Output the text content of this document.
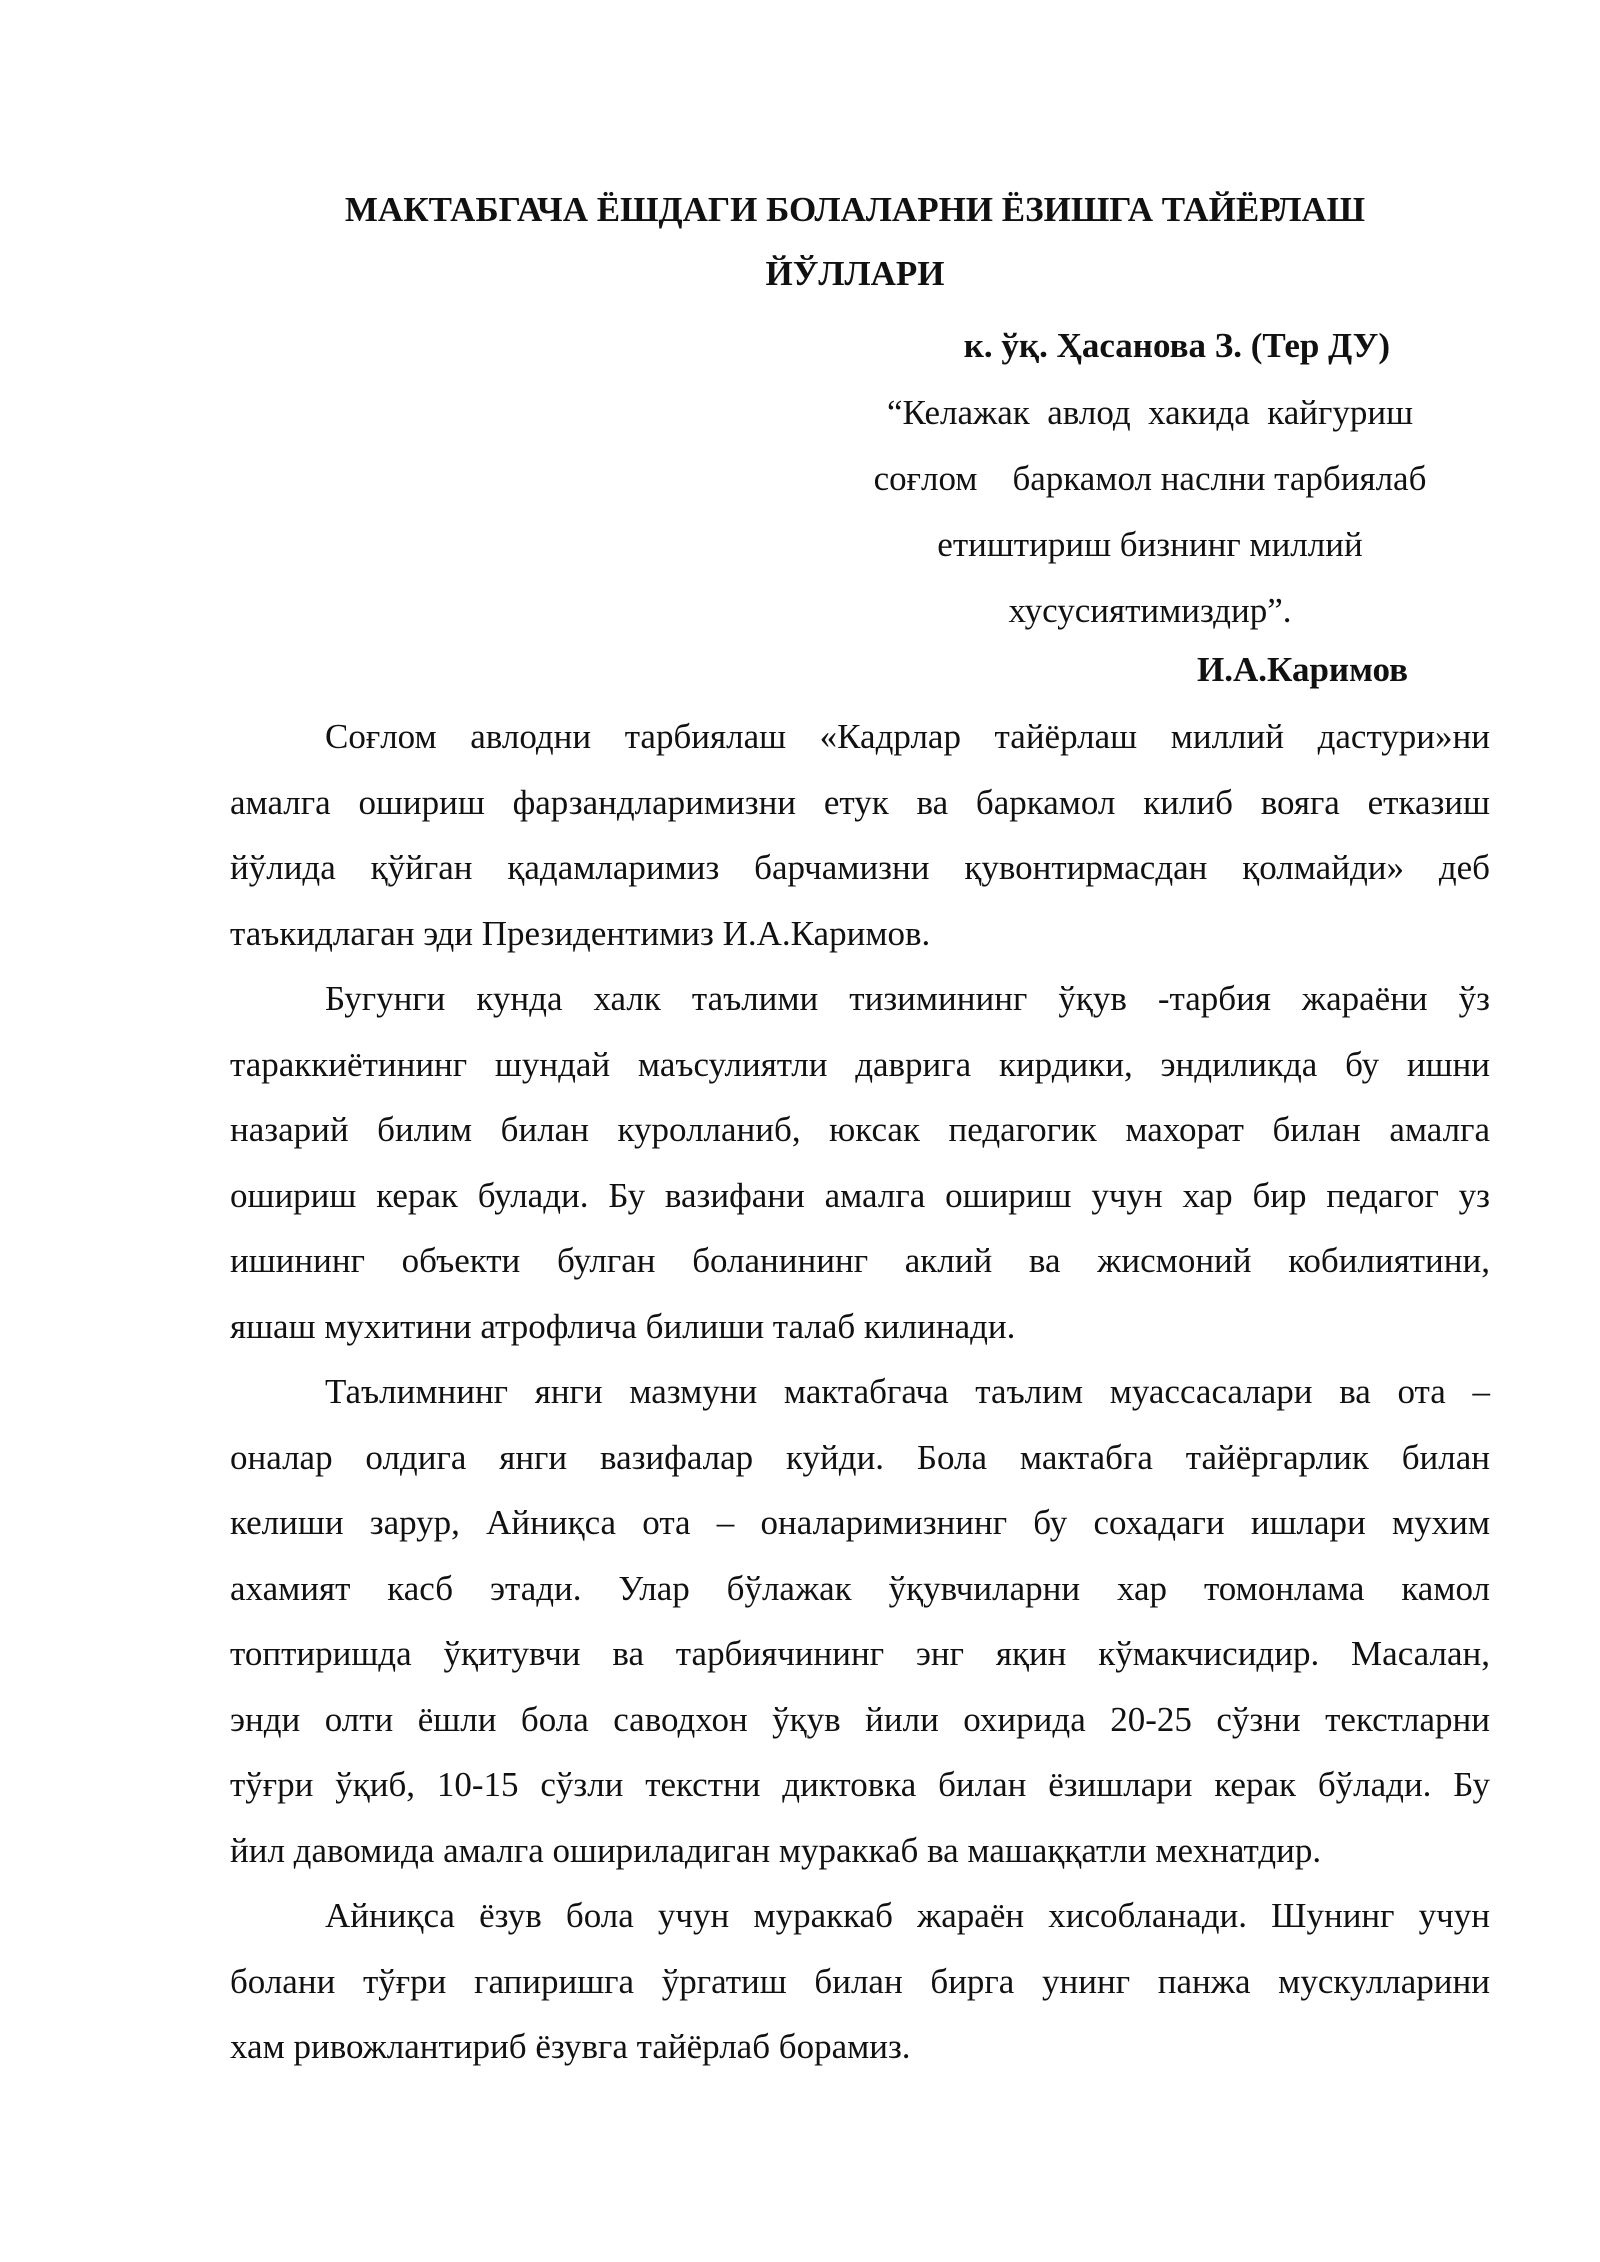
МАКТАБГАЧА ЁШДАГИ БОЛАЛАРНИ ЁЗИШГА ТАЙЁРЛАШ
ЙЎЛЛАРИ

к. ўқ. Ҳасанова З. (Тер ДУ)

“Келажак  авлод  хакида  кайгуриш
соғлом    баркамол наслни тарбиялаб
етиштириш бизнинг миллий
хусусиятимиздир”.

И.А.Каримов

Соғлом авлодни тарбиялаш «Кадрлар тайёрлаш миллий дастури»ни
амалга ошириш фарзандларимизни етук ва баркамол килиб вояга етказиш
йўлида қўйган қадамларимиз барчамизни қувонтирмасдан қолмайди» деб
таъкидлаган эди Президентимиз И.А.Каримов.

Бугунги кунда халк таълими тизимининг ўқув -тарбия жараёни ўз
тараккиётининг шундай маъсулиятли даврига кирдики, эндиликда бу ишни
назарий билим билан куролланиб, юксак педагогик махорат билан амалга
ошириш керак булади. Бу вазифани амалга ошириш учун хар бир педагог уз
ишининг объекти булган боланининг аклий ва жисмоний кобилиятини,
яшаш мухитини атрофлича билиши талаб килинади.

Таълимнинг янги мазмуни мактабгача таълим муассасалари ва ота –
оналар олдига янги вазифалар куйди. Бола мактабга тайёргарлик билан
келиши зарур, Айниқса ота – оналаримизнинг бу сохадаги ишлари мухим
ахамият касб этади. Улар бўлажак ўқувчиларни хар томонлама камол
топтиришда ўқитувчи ва тарбиячининг энг яқин кўмакчисидир. Масалан,
энди олти ёшли бола саводхон ўқув йили охирида 20-25 сўзни текстларни
тўғри ўқиб, 10-15 сўзли текстни диктовка билан ёзишлари керак бўлади. Бу
йил давомида амалга ошириладиган мураккаб ва машаққатли мехнатдир.

Айниқса ёзув бола учун мураккаб жараён хисобланади. Шунинг учун
болани тўғри гапиришга ўргатиш билан бирга унинг панжа мускулларини
хам ривожлантириб ёзувга тайёрлаб борамиз.
